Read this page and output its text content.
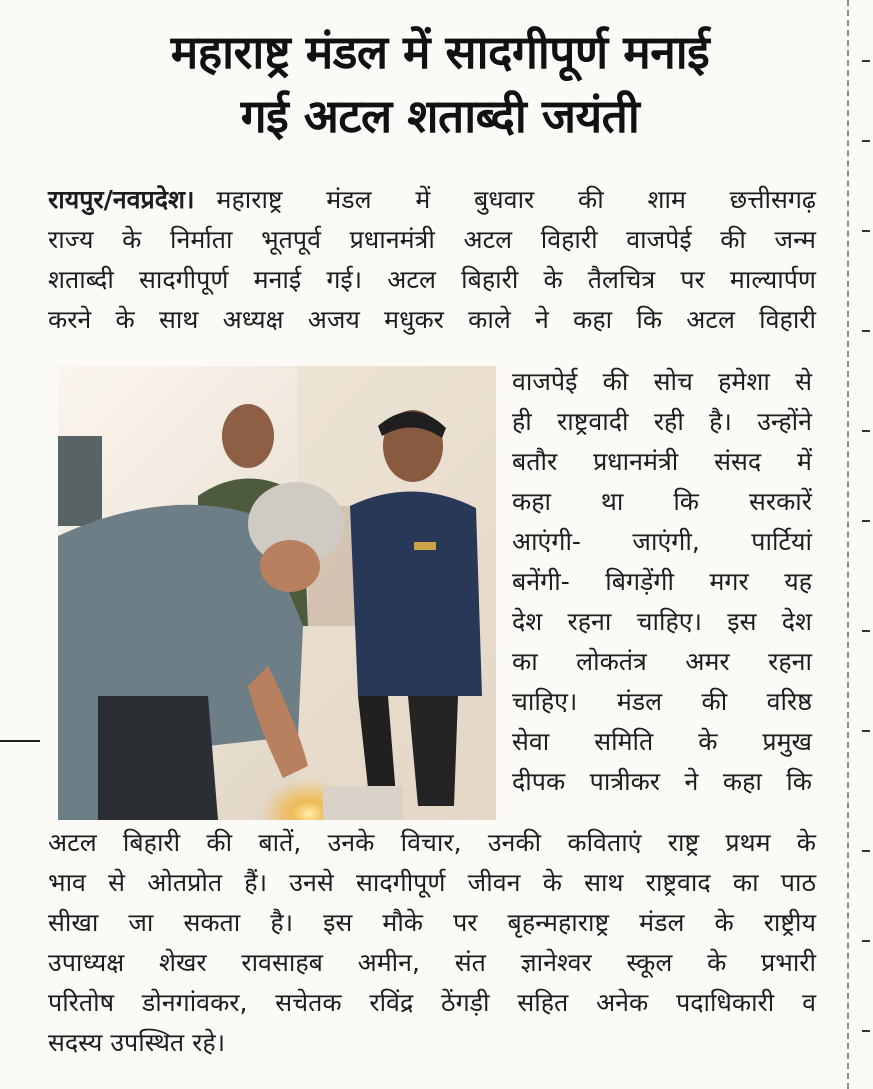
महाराष्ट्र मंडल में सादगीपूर्ण मनाई
गई अटल शताब्दी जयंती
रायपुर/नवप्रदेश। महाराष्ट्र मंडल में बुधवार की शाम छत्तीसगढ़
राज्य के निर्माता भूतपूर्व प्रधानमंत्री अटल विहारी वाजपेई की जन्म
शताब्दी सादगीपूर्ण मनाई गई। अटल बिहारी के तैलचित्र पर माल्यार्पण
करने के साथ अध्यक्ष अजय मधुकर काले ने कहा कि अटल विहारी
वाजपेई की सोच हमेशा से
ही राष्ट्रवादी रही है। उन्होंने
बतौर प्रधानमंत्री संसद में
कहा था कि सरकारें
आएंगी- जाएंगी, पार्टियां
बनेंगी- बिगड़ेंगी मगर यह
देश रहना चाहिए। इस देश
का लोकतंत्र अमर रहना
चाहिए। मंडल की वरिष्ठ
सेवा समिति के प्रमुख
दीपक पात्रीकर ने कहा कि
अटल बिहारी की बातें, उनके विचार, उनकी कविताएं राष्ट्र प्रथम के
भाव से ओतप्रोत हैं। उनसे सादगीपूर्ण जीवन के साथ राष्ट्रवाद का पाठ
सीखा जा सकता है। इस मौके पर बृहन्महाराष्ट्र मंडल के राष्ट्रीय
उपाध्यक्ष शेखर रावसाहब अमीन, संत ज्ञानेश्वर स्कूल के प्रभारी
परितोष डोनगांवकर, सचेतक रविंद्र ठेंगड़ी सहित अनेक पदाधिकारी व
सदस्य उपस्थित रहे।
